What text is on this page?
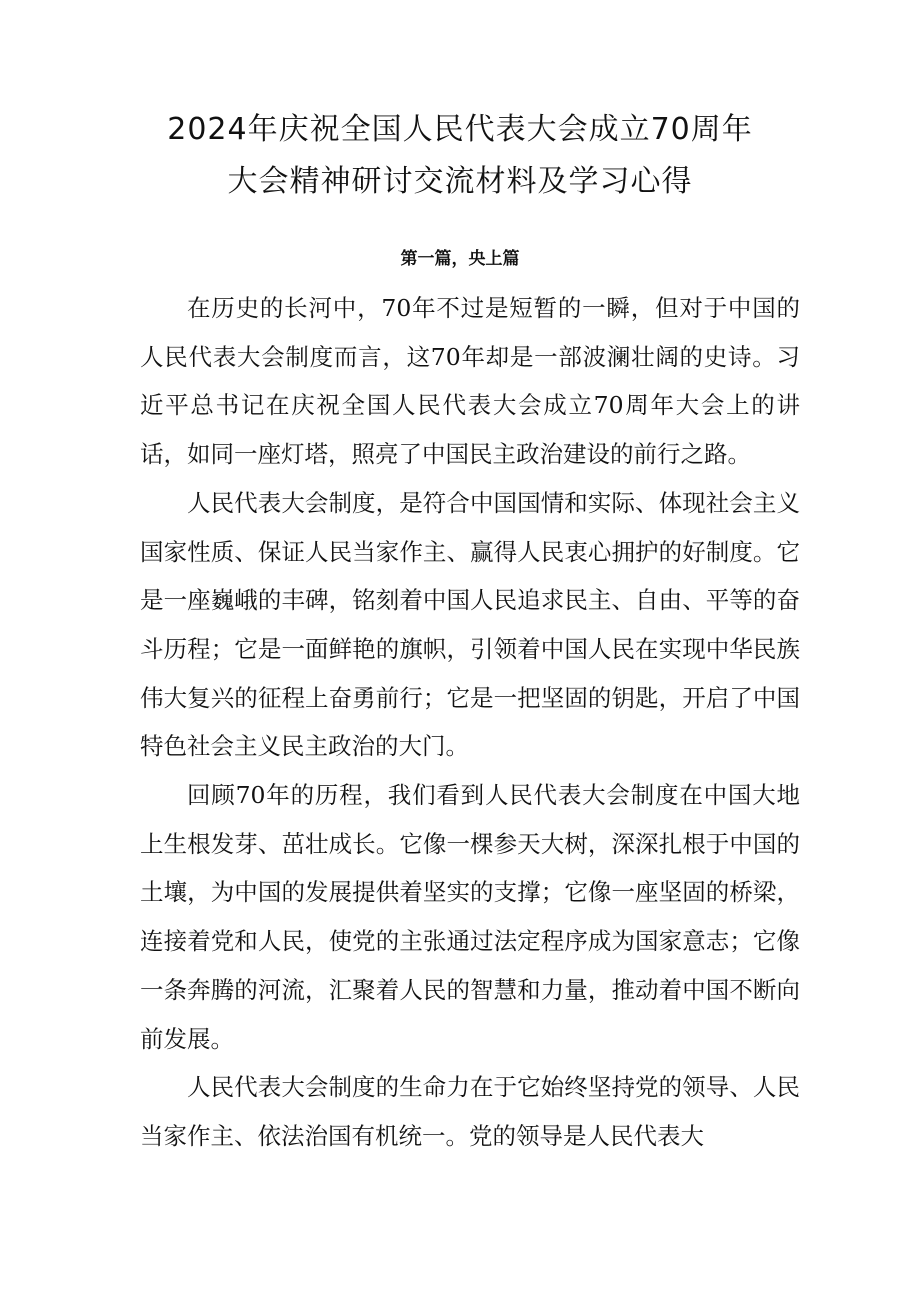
2024年庆祝全国人民代表大会成立70周年
大会精神研讨交流材料及学习心得
第一篇，央上篇

在历史的长河中，70年不过是短暂的一瞬，但对于中国的人民代表大会制度而言，这70年却是一部波澜壮阔的史诗。习近平总书记在庆祝全国人民代表大会成立70周年大会上的讲话，如同一座灯塔，照亮了中国民主政治建设的前行之路。

人民代表大会制度，是符合中国国情和实际、体现社会主义国家性质、保证人民当家作主、赢得人民衷心拥护的好制度。它是一座巍峨的丰碑，铭刻着中国人民追求民主、自由、平等的奋斗历程；它是一面鲜艳的旗帜，引领着中国人民在实现中华民族伟大复兴的征程上奋勇前行；它是一把坚固的钥匙，开启了中国特色社会主义民主政治的大门。

回顾70年的历程，我们看到人民代表大会制度在中国大地上生根发芽、茁壮成长。它像一棵参天大树，深深扎根于中国的土壤，为中国的发展提供着坚实的支撑；它像一座坚固的桥梁，连接着党和人民，使党的主张通过法定程序成为国家意志；它像一条奔腾的河流，汇聚着人民的智慧和力量，推动着中国不断向前发展。

人民代表大会制度的生命力在于它始终坚持党的领导、人民当家作主、依法治国有机统一。党的领导是人民代表大
